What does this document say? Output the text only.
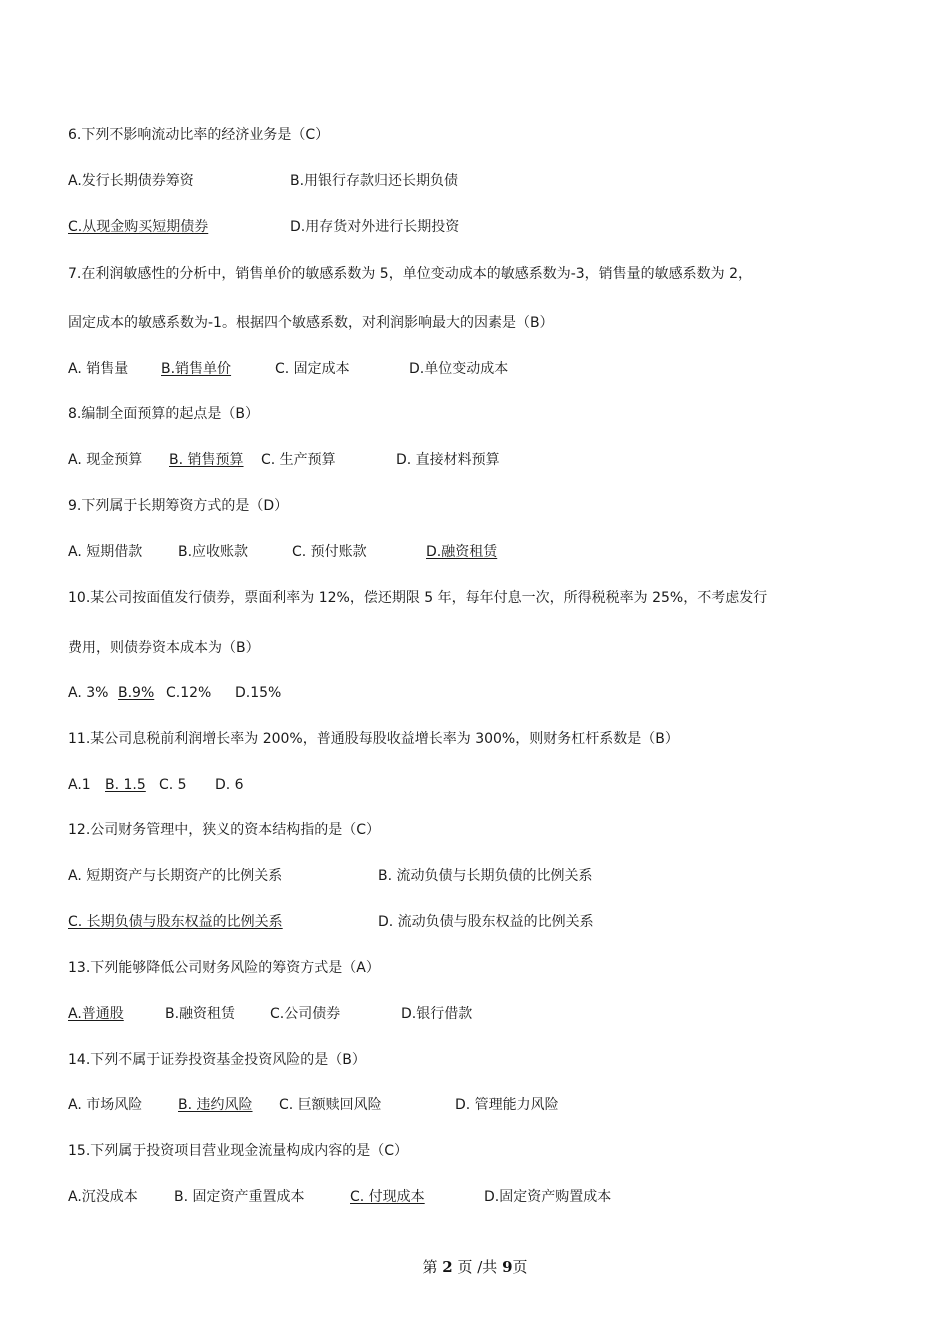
6.下列不影响流动比率的经济业务是（C）
A.发行长期债券筹资	B.用银行存款归还长期负债
C.从现金购买短期债券	D.用存货对外进行长期投资
7.在利润敏感性的分析中，销售单价的敏感系数为 5，单位变动成本的敏感系数为-3，销售量的敏感系数为 2，
固定成本的敏感系数为-1。根据四个敏感系数，对利润影响最大的因素是（B）
A. 销售量 B.销售单价	C. 固定成本	D.单位变动成本
8.编制全面预算的起点是（B）
A. 现金预算 B. 销售预算 C. 生产预算	D. 直接材料预算
9.下列属于长期筹资方式的是（D）
A. 短期借款	B.应收账款	C. 预付账款	D.融资租赁
10.某公司按面值发行债券，票面利率为 12%，偿还期限 5 年，每年付息一次，所得税税率为 25%，不考虑发行
费用，则债券资本成本为（B）
A. 3% B.9% C.12% D.15%
11.某公司息税前利润增长率为 200%，普通股每股收益增长率为 300%，则财务杠杆系数是（B）
A.1 B. 1.5 C. 5 D. 6
12.公司财务管理中，狭义的资本结构指的是（C）
A. 短期资产与长期资产的比例关系	B. 流动负债与长期负债的比例关系
C. 长期负债与股东权益的比例关系	D. 流动负债与股东权益的比例关系
13.下列能够降低公司财务风险的筹资方式是（A）
A.普通股	B.融资租赁 C.公司债券	D.银行借款
14.下列不属于证券投资基金投资风险的是（B）
A. 市场风险	B. 违约风险 C. 巨额赎回风险	D. 管理能力风险
15.下列属于投资项目营业现金流量构成内容的是（C）
A.沉没成本	B. 固定资产重置成本	C. 付现成本	D.固定资产购置成本
第 2 页 /共 9页
